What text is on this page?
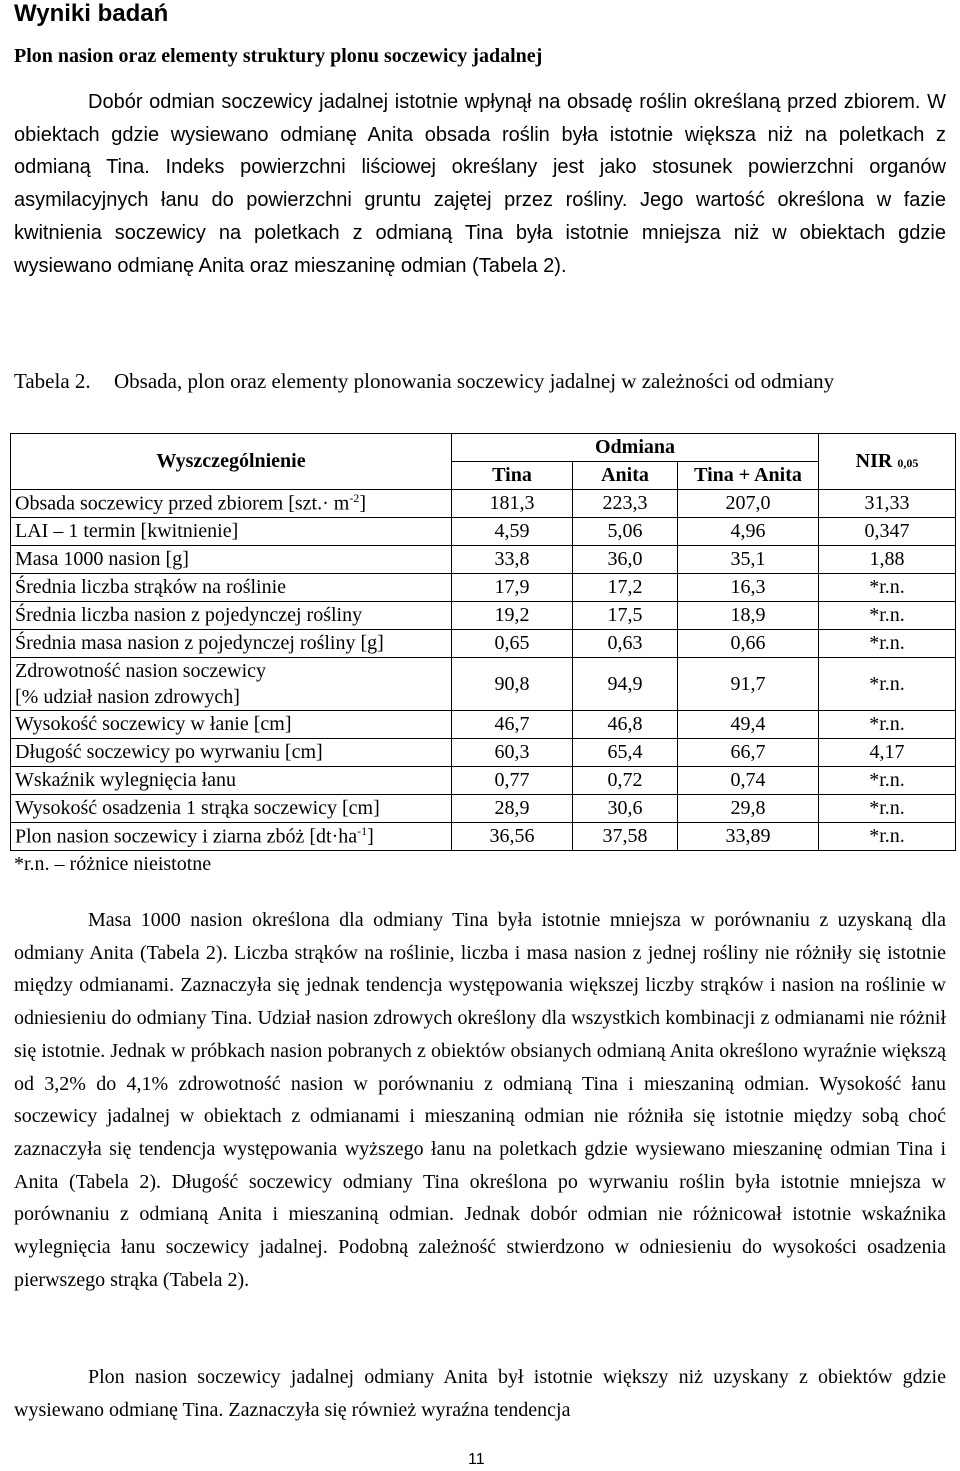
Wyniki badań
Plon nasion oraz elementy struktury plonu soczewicy jadalnej

Dobór odmian soczewicy jadalnej istotnie wpłynął na obsadę roślin określaną przed zbiorem. W obiektach gdzie wysiewano odmianę Anita obsada roślin była istotnie większa niż na poletkach z odmianą Tina. Indeks powierzchni liściowej określany jest jako stosunek powierzchni organów asymilacyjnych łanu do powierzchni gruntu zajętej przez rośliny. Jego wartość określona w fazie kwitnienia soczewicy na poletkach z odmianą Tina była istotnie mniejsza niż w obiektach gdzie wysiewano odmianę Anita oraz mieszaninę odmian (Tabela 2).

Tabela 2. Obsada, plon oraz elementy plonowania soczewicy jadalnej w zależności od odmiany
Wyszczególnienie	Odmiana			NIR 0,05
	Tina	Anita	Tina + Anita	
Obsada soczewicy przed zbiorem $[szt.\cdot m^{-2}]$	181,3	223,3	207,0	31,33
LAI – 1 termin [kwitnienie]	4,59	5,06	4,96	0,347
Masa 1000 nasion [g]	33,8	36,0	35,1	1,88
Średnia liczba strąków na roślinie	17,9	17,2	16,3	*r.n.
Średnia liczba nasion z pojedynczej rośliny	19,2	17,5	18,9	*r.n.
Średnia masa nasion z pojedynczej rośliny [g]	0,65	0,63	0,66	*r.n.
Zdrowotność nasion soczewicy
[% udział nasion zdrowych]	90,8	94,9	91,7	*r.n.
Wysokość soczewicy w łanie [cm]	46,7	46,8	49,4	*r.n.
Długość soczewicy po wyrwaniu [cm]	60,3	65,4	66,7	4,17
Wskaźnik wylegnięcia łanu	0,77	0,72	0,74	*r.n.
Wysokość osadzenia 1 strąka soczewicy [cm]	28,9	30,6	29,8	*r.n.
Plon nasion soczewicy i ziarna zbóż $[dt\cdot ha^{-1}]$	36,56	37,58	33,89	*r.n.
*r.n. – różnice nieistotne

Masa 1000 nasion określona dla odmiany Tina była istotnie mniejsza w porównaniu z uzyskaną dla odmiany Anita (Tabela 2). Liczba strąków na roślinie, liczba i masa nasion z jednej rośliny nie różniły się istotnie między odmianami. Zaznaczyła się jednak tendencja występowania większej liczby strąków i nasion na roślinie w odniesieniu do odmiany Tina. Udział nasion zdrowych określony dla wszystkich kombinacji z odmianami nie różnił się istotnie. Jednak w próbkach nasion pobranych z obiektów obsianych odmianą Anita określono wyraźnie większą od 3,2% do 4,1% zdrowotność nasion w porównaniu z odmianą Tina i mieszaniną odmian. Wysokość łanu soczewicy jadalnej w obiektach z odmianami i mieszaniną odmian nie różniła się istotnie między sobą choć zaznaczyła się tendencja występowania wyższego łanu na poletkach gdzie wysiewano mieszaninę odmian Tina i Anita (Tabela 2). Długość soczewicy odmiany Tina określona po wyrwaniu roślin była istotnie mniejsza w porównaniu z odmianą Anita i mieszaniną odmian. Jednak dobór odmian nie różnicował istotnie wskaźnika wylegnięcia łanu soczewicy jadalnej. Podobną zależność stwierdzono w odniesieniu do wysokości osadzenia pierwszego strąka (Tabela 2).

Plon nasion soczewicy jadalnej odmiany Anita był istotnie większy niż uzyskany z obiektów gdzie wysiewano odmianę Tina. Zaznaczyła się również wyraźna tendencja

11
